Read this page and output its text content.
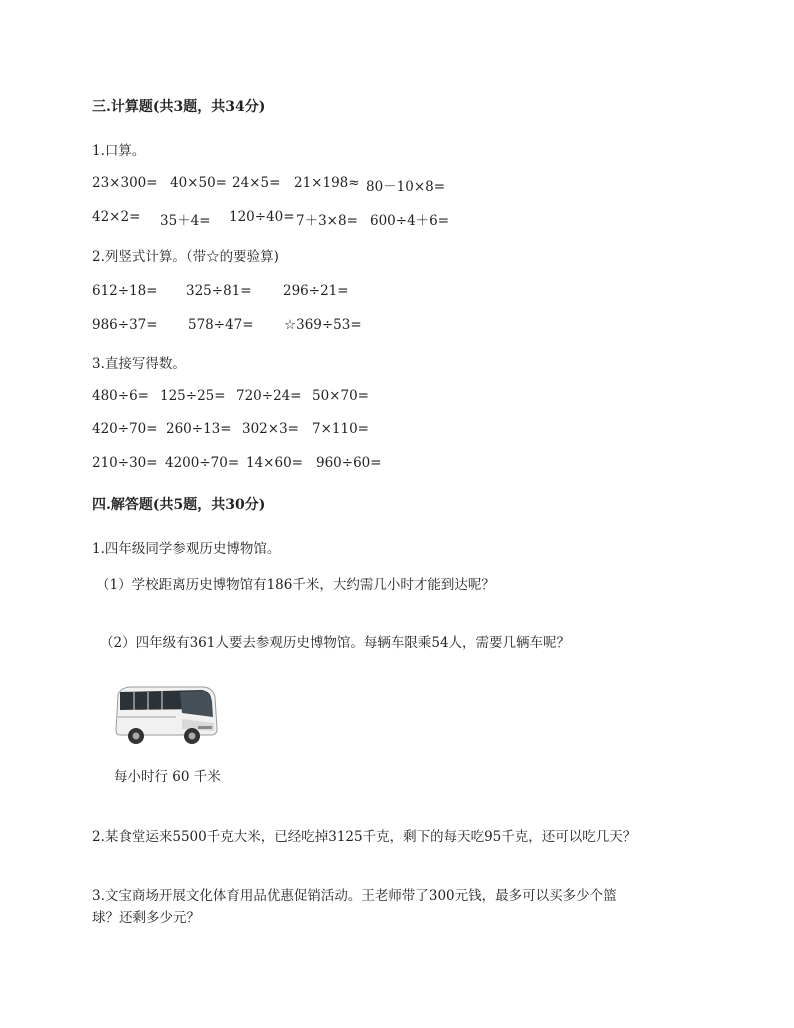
三.计算题(共3题，共34分)
1.口算。
23×300= 40×50= 24×5= 21×198≈ 80－10×8=
42×2= 35＋4= 120÷40= 7＋3×8= 600÷4＋6=
2.列竖式计算。（带☆的要验算)
612÷18= 325÷81= 296÷21=
986÷37= 578÷47= ☆369÷53=
3.直接写得数。
480÷6= 125÷25= 720÷24= 50×70=
420÷70= 260÷13= 302×3= 7×110=
210÷30= 4200÷70= 14×60= 960÷60=
四.解答题(共5题，共30分)
1.四年级同学参观历史博物馆。
（1）学校距离历史博物馆有186千米，大约需几小时才能到达呢？
（2）四年级有361人要去参观历史博物馆。每辆车限乘54人，需要几辆车呢？
每小时行 60 千米
2.某食堂运来5500千克大米，已经吃掉3125千克，剩下的每天吃95千克，还可以吃几天？
3.文宝商场开展文化体育用品优惠促销活动。王老师带了300元钱，最多可以买多少个篮
球？还剩多少元？
